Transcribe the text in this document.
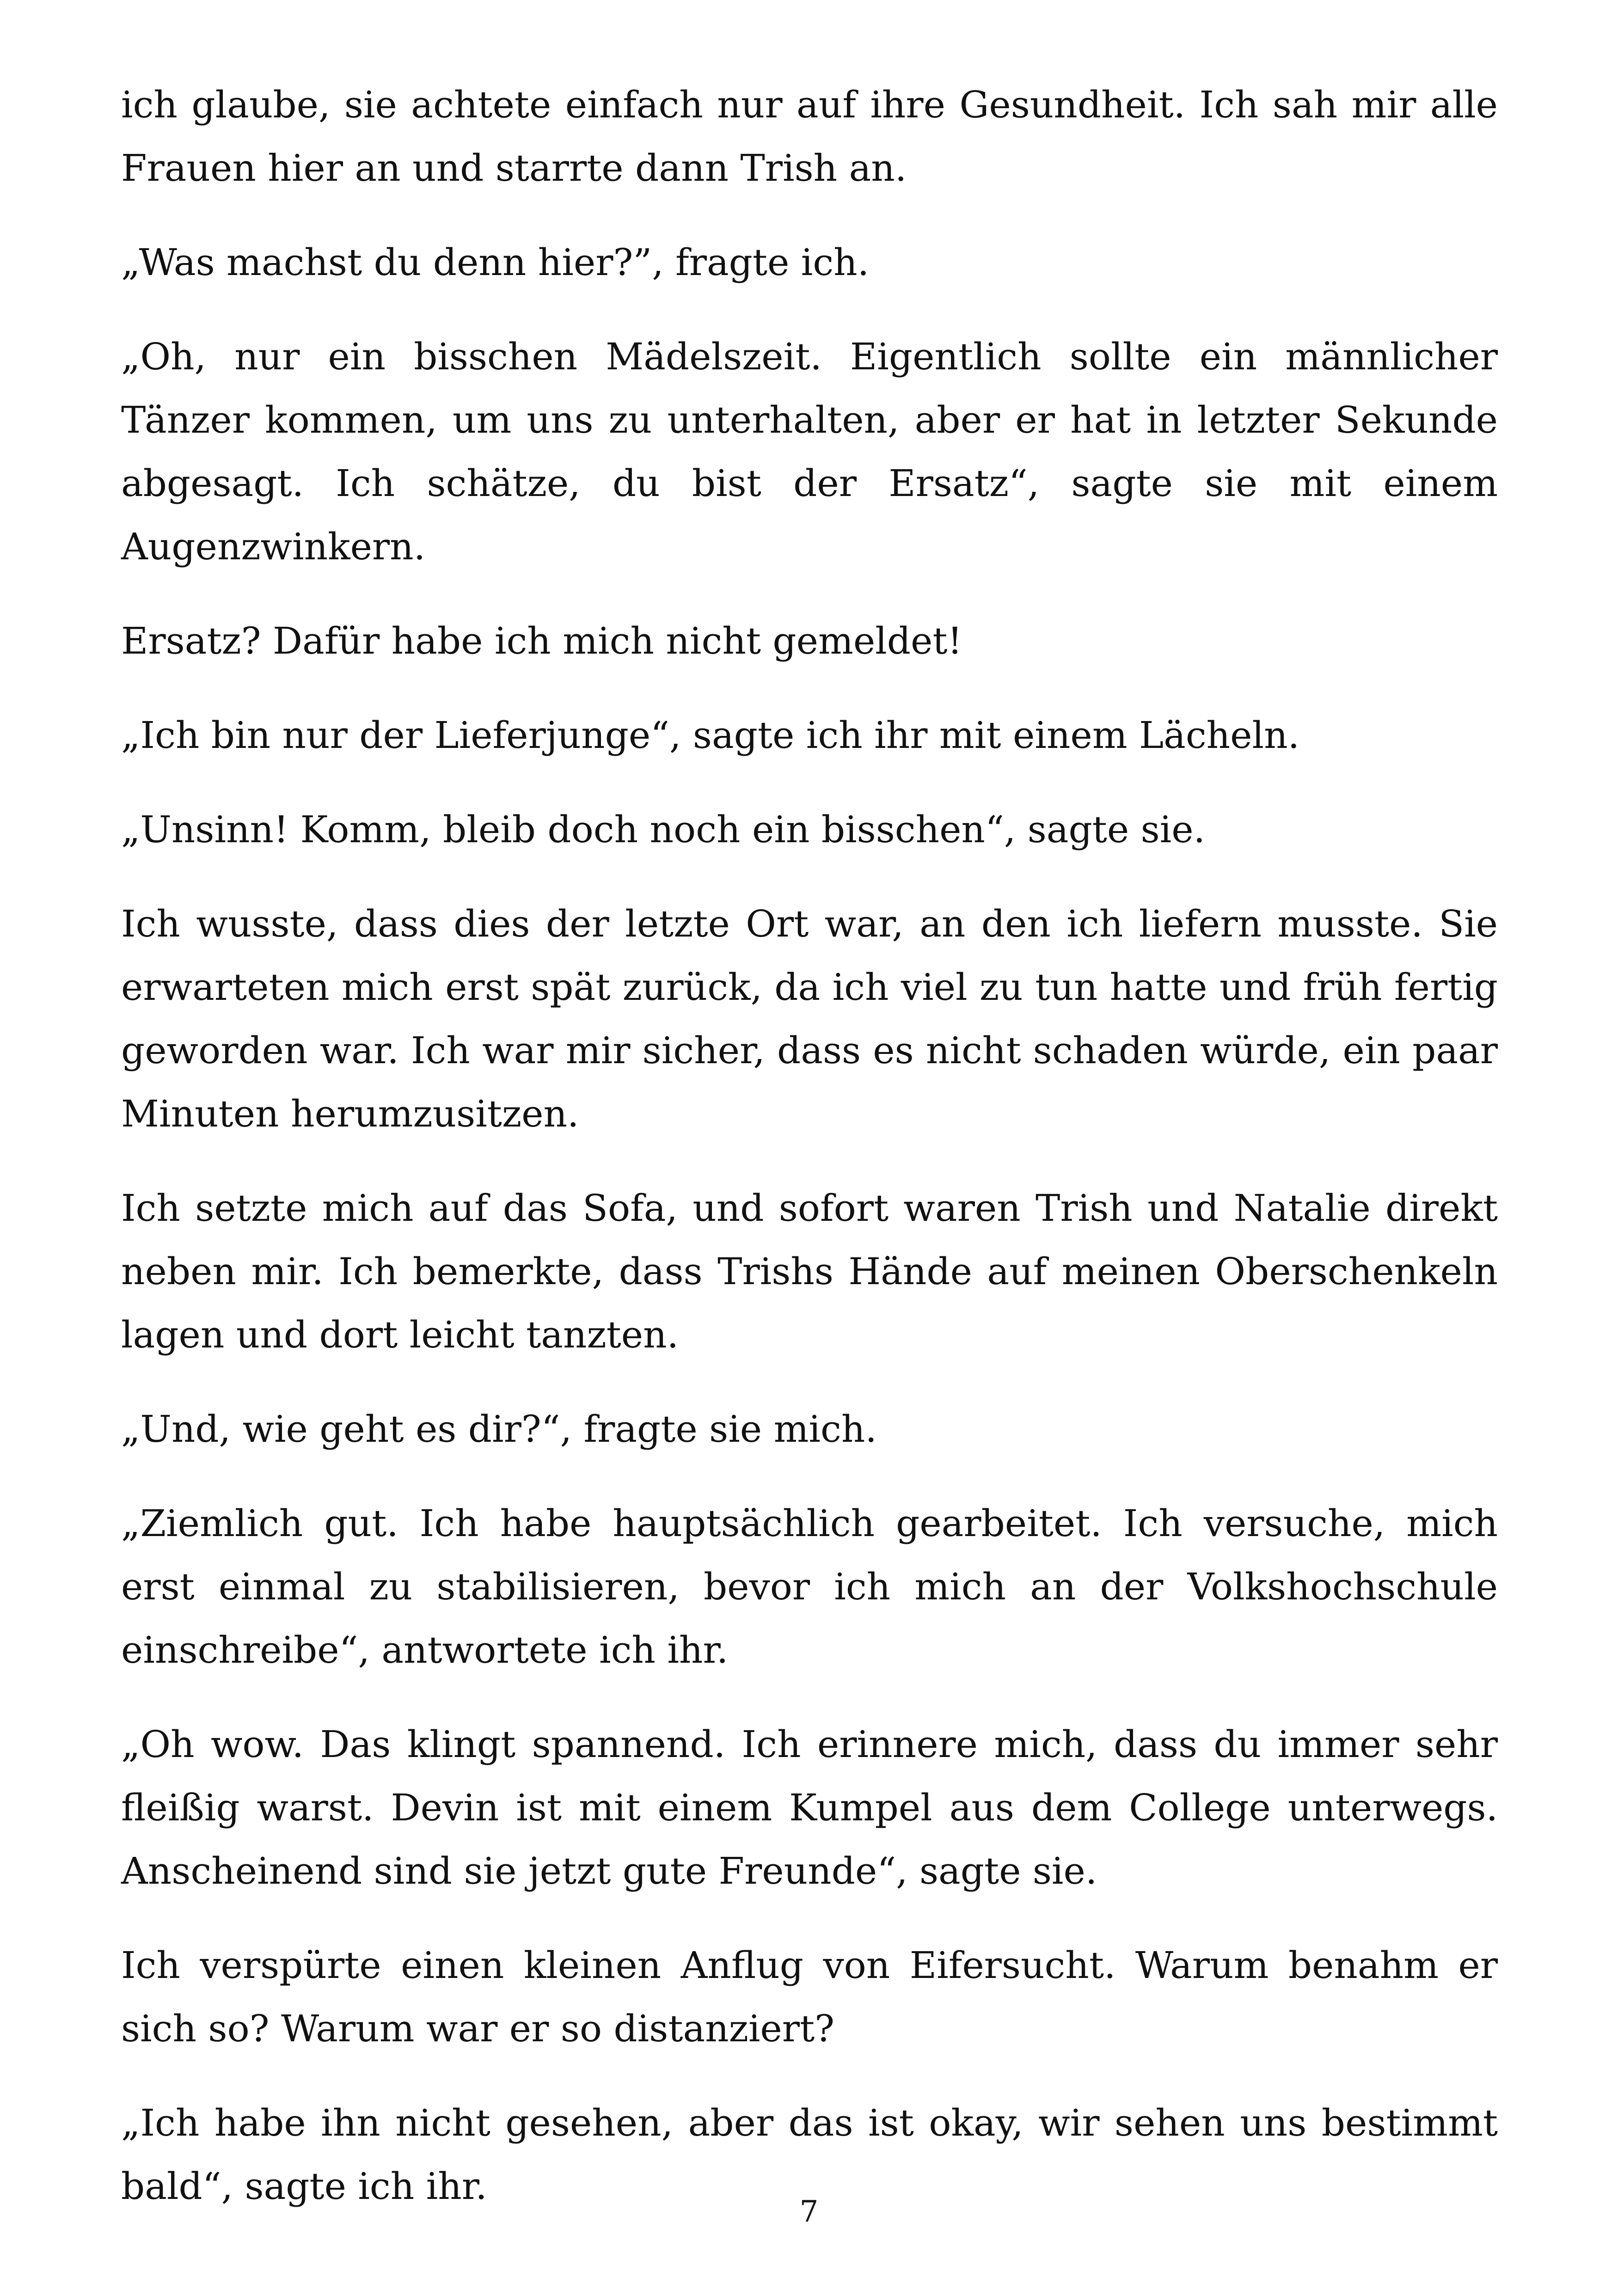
ich glaube, sie achtete einfach nur auf ihre Gesundheit. Ich sah mir alle Frauen hier an und starrte dann Trish an.

„Was machst du denn hier?”, fragte ich.

„Oh, nur ein bisschen Mädelszeit. Eigentlich sollte ein männlicher Tänzer kommen, um uns zu unterhalten, aber er hat in letzter Sekunde abgesagt. Ich schätze, du bist der Ersatz“, sagte sie mit einem Augenzwinkern.

Ersatz? Dafür habe ich mich nicht gemeldet!

„Ich bin nur der Lieferjunge“, sagte ich ihr mit einem Lächeln.

„Unsinn! Komm, bleib doch noch ein bisschen“, sagte sie.

Ich wusste, dass dies der letzte Ort war, an den ich liefern musste. Sie erwarteten mich erst spät zurück, da ich viel zu tun hatte und früh fertig geworden war. Ich war mir sicher, dass es nicht schaden würde, ein paar Minuten herumzusitzen.

Ich setzte mich auf das Sofa, und sofort waren Trish und Natalie direkt neben mir. Ich bemerkte, dass Trishs Hände auf meinen Oberschenkeln lagen und dort leicht tanzten.

„Und, wie geht es dir?“, fragte sie mich.

„Ziemlich gut. Ich habe hauptsächlich gearbeitet. Ich versuche, mich erst einmal zu stabilisieren, bevor ich mich an der Volkshochschule einschreibe“, antwortete ich ihr.

„Oh wow. Das klingt spannend. Ich erinnere mich, dass du immer sehr fleißig warst. Devin ist mit einem Kumpel aus dem College unterwegs. Anscheinend sind sie jetzt gute Freunde“, sagte sie.

Ich verspürte einen kleinen Anflug von Eifersucht. Warum benahm er sich so? Warum war er so distanziert?

„Ich habe ihn nicht gesehen, aber das ist okay, wir sehen uns bestimmt bald“, sagte ich ihr.

7
